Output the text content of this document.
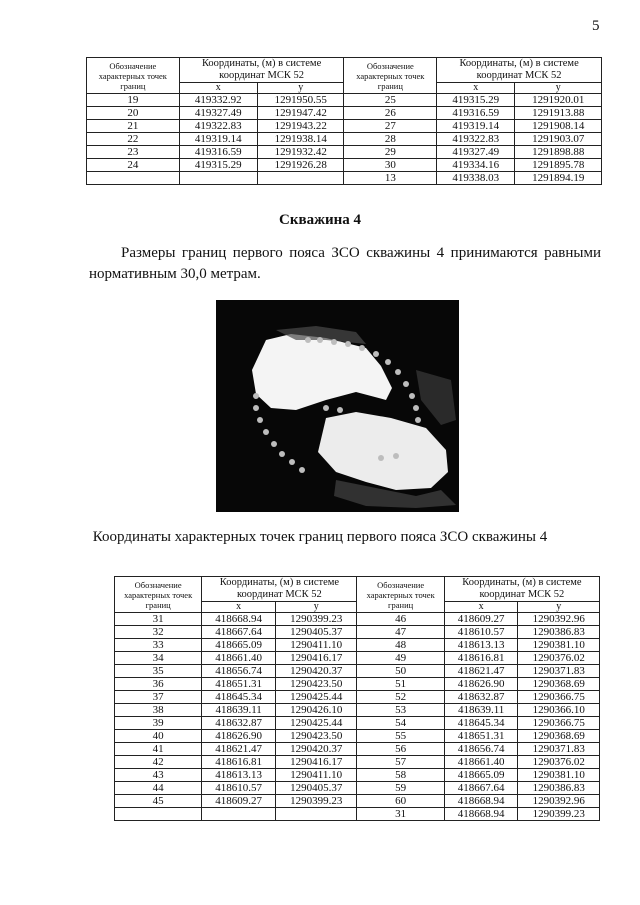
5
Обозначение характерных точек границ	Координаты, (м) в системе координат МСК 52		Обозначение характерных точек границ	Координаты, (м) в системе координат МСК 52	
	x	y		x	y
19	419332.92	1291950.55	25	419315.29	1291920.01
20	419327.49	1291947.42	26	419316.59	1291913.88
21	419322.83	1291943.22	27	419319.14	1291908.14
22	419319.14	1291938.14	28	419322.83	1291903.07
23	419316.59	1291932.42	29	419327.49	1291898.88
24	419315.29	1291926.28	30	419334.16	1291895.78
			13	419338.03	1291894.19
Скважина 4
Размеры границ первого пояса ЗСО скважины 4 принимаются равными нормативным 30,0 метрам.
Координаты характерных точек границ первого пояса ЗСО скважины 4
Обозначение характерных точек границ	Координаты, (м) в системе координат МСК 52		Обозначение характерных точек границ	Координаты, (м) в системе координат МСК 52	
	x	y		x	y
31	418668.94	1290399.23	46	418609.27	1290392.96
32	418667.64	1290405.37	47	418610.57	1290386.83
33	418665.09	1290411.10	48	418613.13	1290381.10
34	418661.40	1290416.17	49	418616.81	1290376.02
35	418656.74	1290420.37	50	418621.47	1290371.83
36	418651.31	1290423.50	51	418626.90	1290368.69
37	418645.34	1290425.44	52	418632.87	1290366.75
38	418639.11	1290426.10	53	418639.11	1290366.10
39	418632.87	1290425.44	54	418645.34	1290366.75
40	418626.90	1290423.50	55	418651.31	1290368.69
41	418621.47	1290420.37	56	418656.74	1290371.83
42	418616.81	1290416.17	57	418661.40	1290376.02
43	418613.13	1290411.10	58	418665.09	1290381.10
44	418610.57	1290405.37	59	418667.64	1290386.83
45	418609.27	1290399.23	60	418668.94	1290392.96
			31	418668.94	1290399.23
